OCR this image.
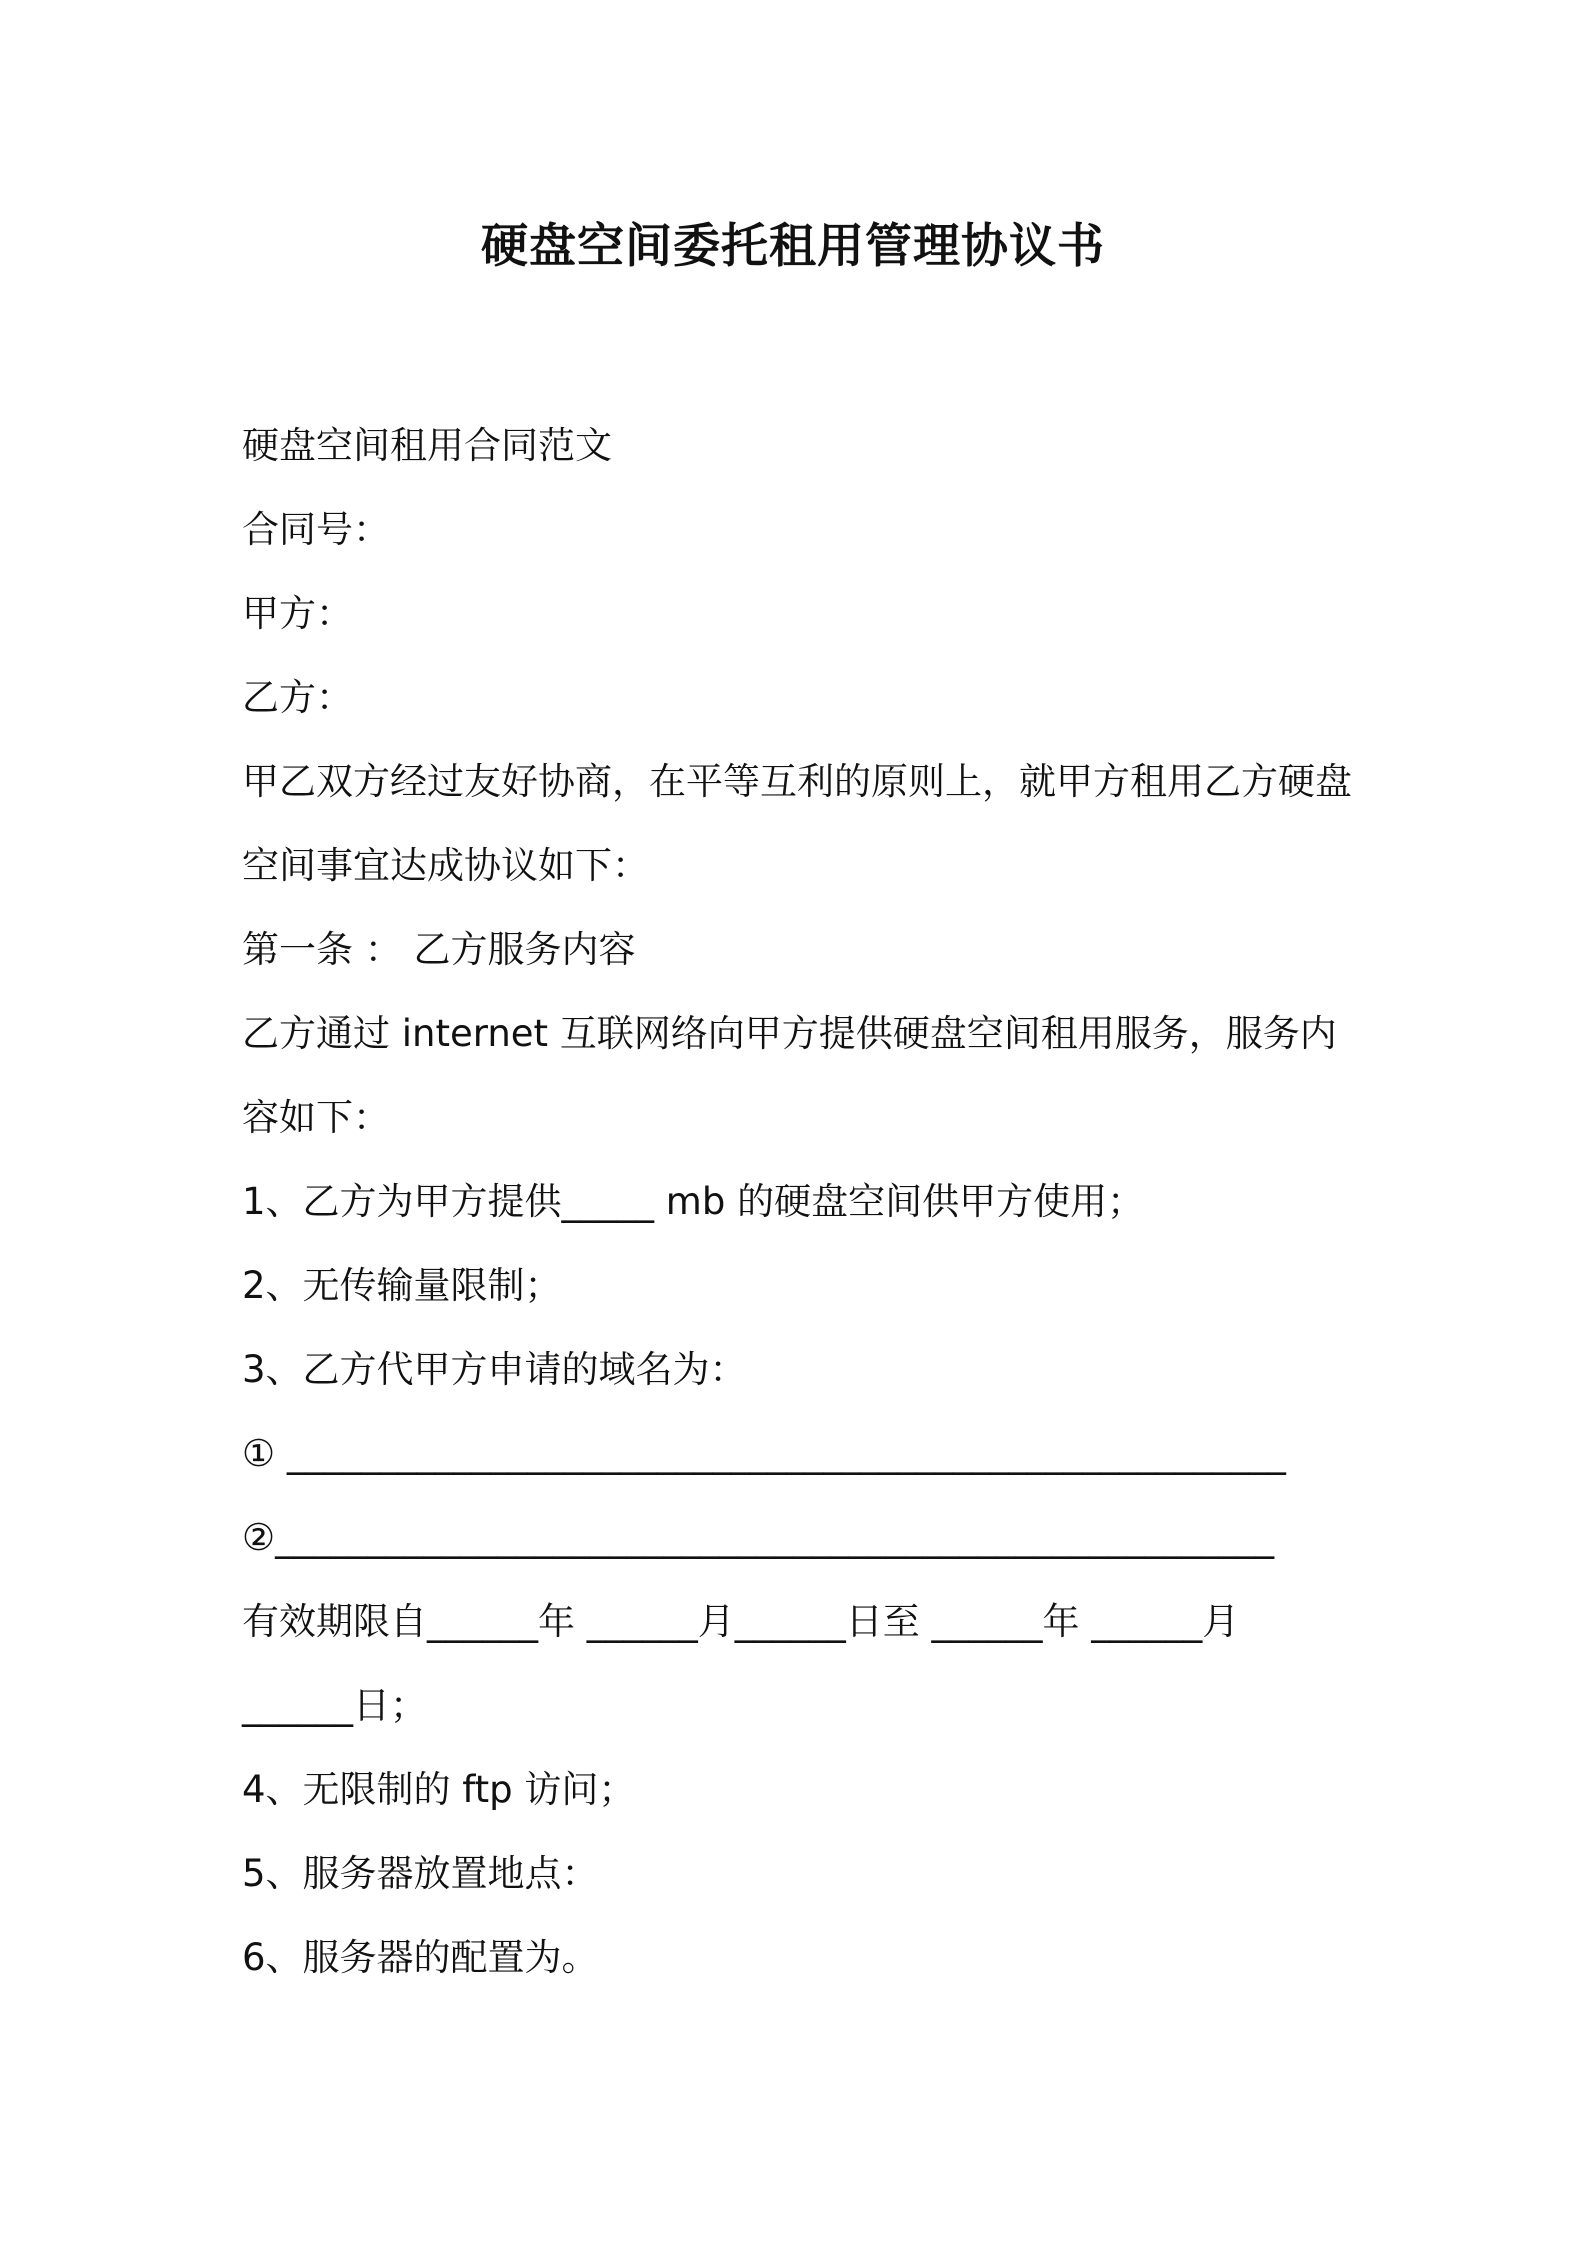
硬盘空间委托租用管理协议书

硬盘空间租用合同范文

合同号：

甲方：

乙方：

甲乙双方经过友好协商，在平等互利的原则上，就甲方租用乙方硬盘

空间事宜达成协议如下：

第一条 ： 乙方服务内容

乙方通过 internet 互联网络向甲方提供硬盘空间租用服务，服务内

容如下：

1、乙方为甲方提供_____ mb 的硬盘空间供甲方使用；

2、无传输量限制；

3、乙方代甲方申请的域名为：

① ______________________________________________________

②______________________________________________________

有效期限自______年 ______月______日至 ______年 ______月

______日；

4、无限制的 ftp 访问；

5、服务器放置地点：

6、服务器的配置为。
